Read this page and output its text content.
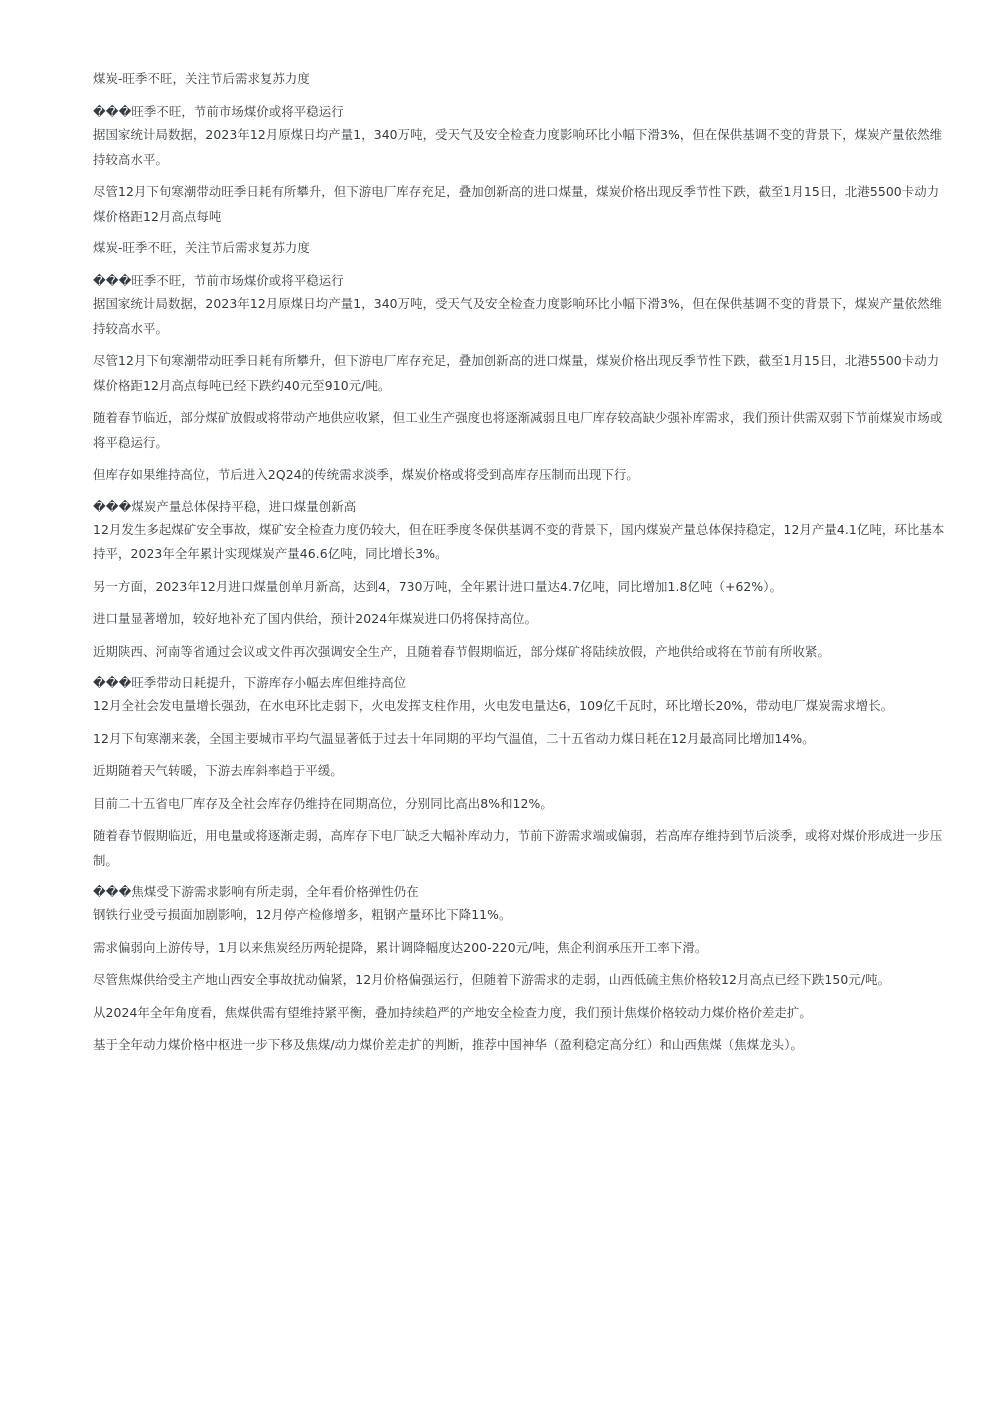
煤炭-旺季不旺，关注节后需求复苏力度
���旺季不旺，节前市场煤价或将平稳运行

据国家统计局数据，2023年12月原煤日均产量1，340万吨，受天气及安全检查力度影响环比小幅下滑3%，但在保供基调不变的背景下，煤炭产量依然维持较高水平。

尽管12月下旬寒潮带动旺季日耗有所攀升，但下游电厂库存充足，叠加创新高的进口煤量，煤炭价格出现反季节性下跌，截至1月15日，北港5500卡动力煤价格距12月高点每吨

煤炭-旺季不旺，关注节后需求复苏力度
���旺季不旺，节前市场煤价或将平稳运行

据国家统计局数据，2023年12月原煤日均产量1，340万吨，受天气及安全检查力度影响环比小幅下滑3%，但在保供基调不变的背景下，煤炭产量依然维持较高水平。

尽管12月下旬寒潮带动旺季日耗有所攀升，但下游电厂库存充足，叠加创新高的进口煤量，煤炭价格出现反季节性下跌，截至1月15日，北港5500卡动力煤价格距12月高点每吨已经下跌约40元至910元/吨。

随着春节临近，部分煤矿放假或将带动产地供应收紧，但工业生产强度也将逐渐减弱且电厂库存较高缺少强补库需求，我们预计供需双弱下节前煤炭市场或将平稳运行。

但库存如果维持高位，节后进入2Q24的传统需求淡季，煤炭价格或将受到高库存压制而出现下行。

���煤炭产量总体保持平稳，进口煤量创新高

12月发生多起煤矿安全事故，煤矿安全检查力度仍较大，但在旺季度冬保供基调不变的背景下，国内煤炭产量总体保持稳定，12月产量4.1亿吨，环比基本持平，2023年全年累计实现煤炭产量46.6亿吨，同比增长3%。

另一方面，2023年12月进口煤量创单月新高，达到4，730万吨，全年累计进口量达4.7亿吨，同比增加1.8亿吨（+62%）。

进口量显著增加，较好地补充了国内供给，预计2024年煤炭进口仍将保持高位。

近期陕西、河南等省通过会议或文件再次强调安全生产，且随着春节假期临近，部分煤矿将陆续放假，产地供给或将在节前有所收紧。

���旺季带动日耗提升，下游库存小幅去库但维持高位

12月全社会发电量增长强劲，在水电环比走弱下，火电发挥支柱作用，火电发电量达6，109亿千瓦时，环比增长20%，带动电厂煤炭需求增长。

12月下旬寒潮来袭，全国主要城市平均气温显著低于过去十年同期的平均气温值，二十五省动力煤日耗在12月最高同比增加14%。

近期随着天气转暖，下游去库斜率趋于平缓。

目前二十五省电厂库存及全社会库存仍维持在同期高位，分别同比高出8%和12%。

随着春节假期临近，用电量或将逐渐走弱，高库存下电厂缺乏大幅补库动力，节前下游需求端或偏弱，若高库存维持到节后淡季，或将对煤价形成进一步压制。

���焦煤受下游需求影响有所走弱，全年看价格弹性仍在

钢铁行业受亏损面加剧影响，12月停产检修增多，粗钢产量环比下降11%。

需求偏弱向上游传导，1月以来焦炭经历两轮提降，累计调降幅度达200-220元/吨，焦企利润承压开工率下滑。

尽管焦煤供给受主产地山西安全事故扰动偏紧，12月价格偏强运行，但随着下游需求的走弱，山西低硫主焦价格较12月高点已经下跌150元/吨。

从2024年全年角度看，焦煤供需有望维持紧平衡，叠加持续趋严的产地安全检查力度，我们预计焦煤价格较动力煤价格价差走扩。

基于全年动力煤价格中枢进一步下移及焦煤/动力煤价差走扩的判断，推荐中国神华（盈利稳定高分红）和山西焦煤（焦煤龙头）。
